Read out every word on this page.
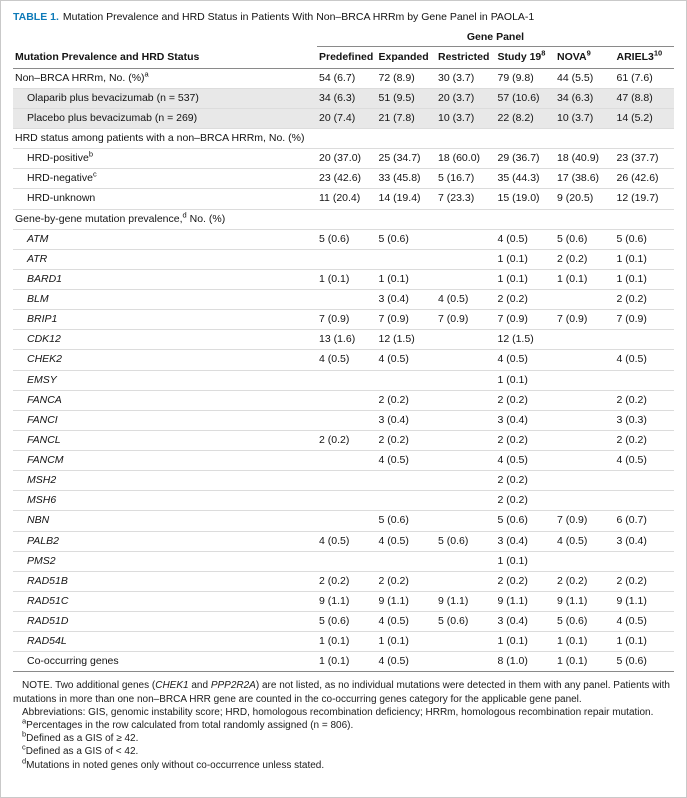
TABLE 1. Mutation Prevalence and HRD Status in Patients With Non–BRCA HRRm by Gene Panel in PAOLA-1
	Gene Panel					
Mutation Prevalence and HRD Status	Predefined	Expanded	Restricted	Study $19^8$	NOVA$^9$	$ARIEL3^{10}$
Non–BRCA HRRm, No. (%)$^a$	54 (6.7)	72 (8.9)	30 (3.7)	79 (9.8)	44 (5.5)	61 (7.6)
Olaparib plus bevacizumab (n = 537)	34 (6.3)	51 (9.5)	20 (3.7)	57 (10.6)	34 (6.3)	47 (8.8)
Placebo plus bevacizumab (n = 269)	20 (7.4)	21 (7.8)	10 (3.7)	22 (8.2)	10 (3.7)	14 (5.2)
HRD status among patients with a non–BRCA HRRm, No. (%)						
HRD-positive$^b$	20 (37.0)	25 (34.7)	18 (60.0)	29 (36.7)	18 (40.9)	23 (37.7)
HRD-negative$^c$	23 (42.6)	33 (45.8)	5 (16.7)	35 (44.3)	17 (38.6)	26 (42.6)
HRD-unknown	11 (20.4)	14 (19.4)	7 (23.3)	15 (19.0)	9 (20.5)	12 (19.7)
Gene-by-gene mutation prevalence,$^d$ No. (%)						
ATM	5 (0.6)	5 (0.6)		4 (0.5)	5 (0.6)	5 (0.6)
ATR				1 (0.1)	2 (0.2)	1 (0.1)
BARD1	1 (0.1)	1 (0.1)		1 (0.1)	1 (0.1)	1 (0.1)
BLM		3 (0.4)	4 (0.5)	2 (0.2)		2 (0.2)
BRIP1	7 (0.9)	7 (0.9)	7 (0.9)	7 (0.9)	7 (0.9)	7 (0.9)
CDK12	13 (1.6)	12 (1.5)		12 (1.5)		
CHEK2	4 (0.5)	4 (0.5)		4 (0.5)		4 (0.5)
EMSY				1 (0.1)		
FANCA		2 (0.2)		2 (0.2)		2 (0.2)
FANCI		3 (0.4)		3 (0.4)		3 (0.3)
FANCL	2 (0.2)	2 (0.2)		2 (0.2)		2 (0.2)
FANCM		4 (0.5)		4 (0.5)		4 (0.5)
MSH2				2 (0.2)		
MSH6				2 (0.2)		
NBN		5 (0.6)		5 (0.6)	7 (0.9)	6 (0.7)
PALB2	4 (0.5)	4 (0.5)	5 (0.6)	3 (0.4)	4 (0.5)	3 (0.4)
PMS2				1 (0.1)		
RAD51B	2 (0.2)	2 (0.2)		2 (0.2)	2 (0.2)	2 (0.2)
RAD51C	9 (1.1)	9 (1.1)	9 (1.1)	9 (1.1)	9 (1.1)	9 (1.1)
RAD51D	5 (0.6)	4 (0.5)	5 (0.6)	3 (0.4)	5 (0.6)	4 (0.5)
RAD54L	1 (0.1)	1 (0.1)		1 (0.1)	1 (0.1)	1 (0.1)
Co-occurring genes	1 (0.1)	4 (0.5)		8 (1.0)	1 (0.1)	5 (0.6)

NOTE. Two additional genes (CHEK1 and PPP2R2A) are not listed, as no individual mutations were detected in them with any panel. Patients with mutations in more than one non–BRCA HRR gene are counted in the co-occurring genes category for the applicable gene panel.

Abbreviations: GIS, genomic instability score; HRD, homologous recombination deficiency; HRRm, homologous recombination repair mutation.

$^a$Percentages in the row calculated from total randomly assigned (n = 806).

$^b$Defined as a GIS of ≥ 42.

$^c$Defined as a GIS of < 42.

$^d$Mutations in noted genes only without co-occurrence unless stated.
